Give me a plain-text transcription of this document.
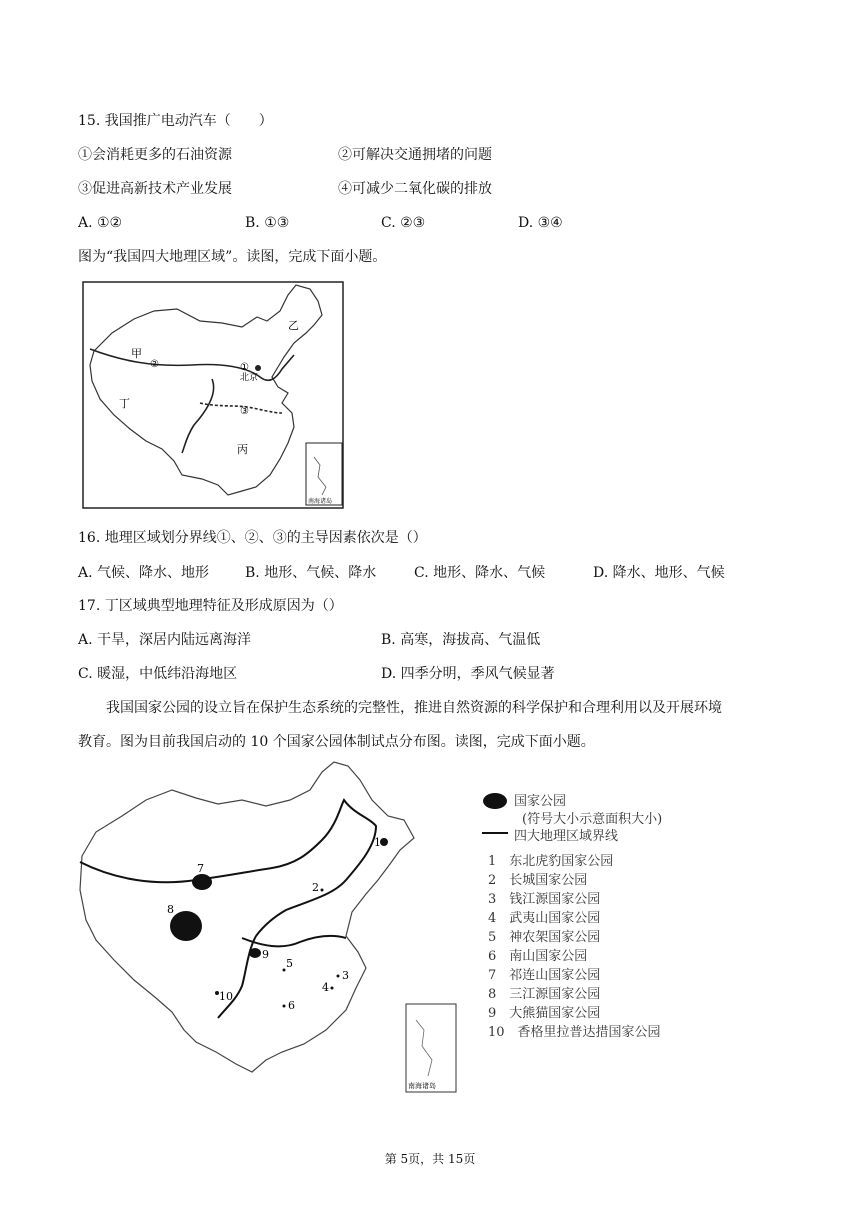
15. 我国推广电动汽车（　　）
①会消耗更多的石油资源	②可解决交通拥堵的问题
③促进高新技术产业发展	④可减少二氧化碳的排放
A. ①②	B. ①③	C. ②③	D. ③④
图为“我国四大地理区域”。读图，完成下面小题。
甲
乙
丙
丁
北京
①
②
③
南海诸岛
16. 地理区域划分界线①、②、③的主导因素依次是（）
A. 气候、降水、地形	B. 地形、气候、降水	C. 地形、降水、气候	D. 降水、地形、气候
17. 丁区域典型地理特征及形成原因为（）
A. 干旱，深居内陆远离海洋	B. 高寒，海拔高、气温低
C. 暖湿，中低纬沿海地区	D. 四季分明，季风气候显著
我国国家公园的设立旨在保护生态系统的完整性，推进自然资源的科学保护和合理利用以及开展环境
教育。图为目前我国启动的 10 个国家公园体制试点分布图。读图，完成下面小题。
1
2
3
4
5
6
7
8
9
10
南海诸岛
国家公园
(符号大小示意面积大小)
四大地理区域界线
1　东北虎豹国家公园
2　长城国家公园
3　钱江源国家公园
4　武夷山国家公园
5　神农架国家公园
6　南山国家公园
7　祁连山国家公园
8　三江源国家公园
9　大熊猫国家公园
10　香格里拉普达措国家公园
第 5页，共 15页
